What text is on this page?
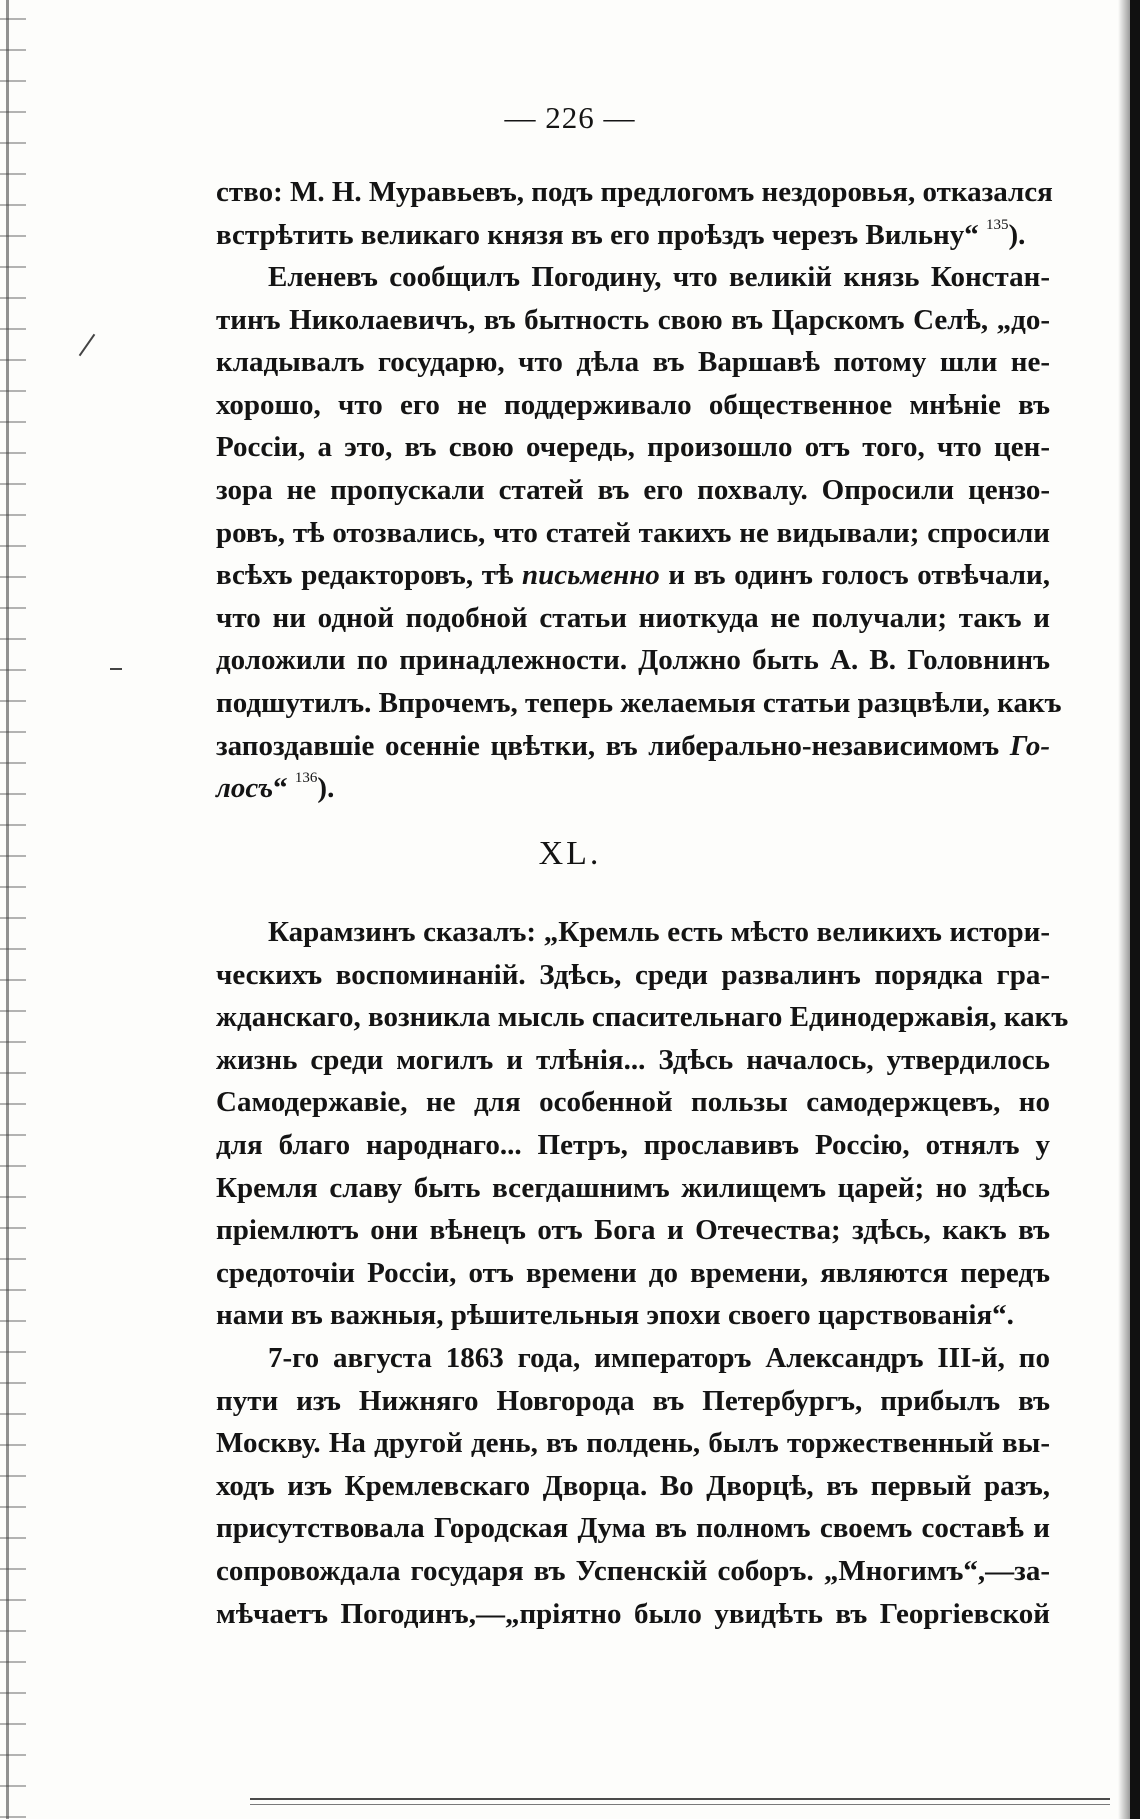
— 226 —
ство: М. Н. Муравьевъ, подъ предлогомъ нездоровья, отказался
встрѣтить великаго князя въ его проѣздъ черезъ Вильну“ $^{135}$).
Еленевъ сообщилъ Погодину, что великій князь Констан-
тинъ Николаевичъ, въ бытность свою въ Царскомъ Селѣ, „до-
кладывалъ государю, что дѣла въ Варшавѣ потому шли не-
хорошо, что его не поддерживало общественное мнѣніе въ
Россіи, а это, въ свою очередь, произошло отъ того, что цен-
зора не пропускали статей въ его похвалу. Опросили цензо-
ровъ, тѣ отозвались, что статей такихъ не видывали; спросили
всѣхъ редакторовъ, тѣ письменно и въ одинъ голосъ отвѣчали,
что ни одной подобной статьи ниоткуда не получали; такъ и
доложили по принадлежности. Должно быть А. В. Головнинъ
подшутилъ. Впрочемъ, теперь желаемыя статьи разцвѣли, какъ
запоздавшіе осенніе цвѣтки, въ либерально-независимомъ Го-
лосъ“ $^{136}$).
XL.
Карамзинъ сказалъ: „Кремль есть мѣсто великихъ истори-
ческихъ воспоминаній. Здѣсь, среди развалинъ порядка гра-
жданскаго, возникла мысль спасительнаго Единодержавія, какъ
жизнь среди могилъ и тлѣнія... Здѣсь началось, утвердилось
Самодержавіе, не для особенной пользы самодержцевъ, но
для благо народнаго... Петръ, прославивъ Россію, отнялъ у
Кремля славу быть всегдашнимъ жилищемъ царей; но здѣсь
пріемлютъ они вѣнецъ отъ Бога и Отечества; здѣсь, какъ въ
средоточіи Россіи, отъ времени до времени, являются передъ
нами въ важныя, рѣшительныя эпохи своего царствованія“.
7-го августа 1863 года, императоръ Александръ III-й, по
пути изъ Нижняго Новгорода въ Петербургъ, прибылъ въ
Москву. На другой день, въ полдень, былъ торжественный вы-
ходъ изъ Кремлевскаго Дворца. Во Дворцѣ, въ первый разъ,
присутствовала Городская Дума въ полномъ своемъ составѣ и
сопровождала государя въ Успенскій соборъ. „Многимъ“,—за-
мѣчаетъ Погодинъ,—„пріятно было увидѣть въ Георгіевской
